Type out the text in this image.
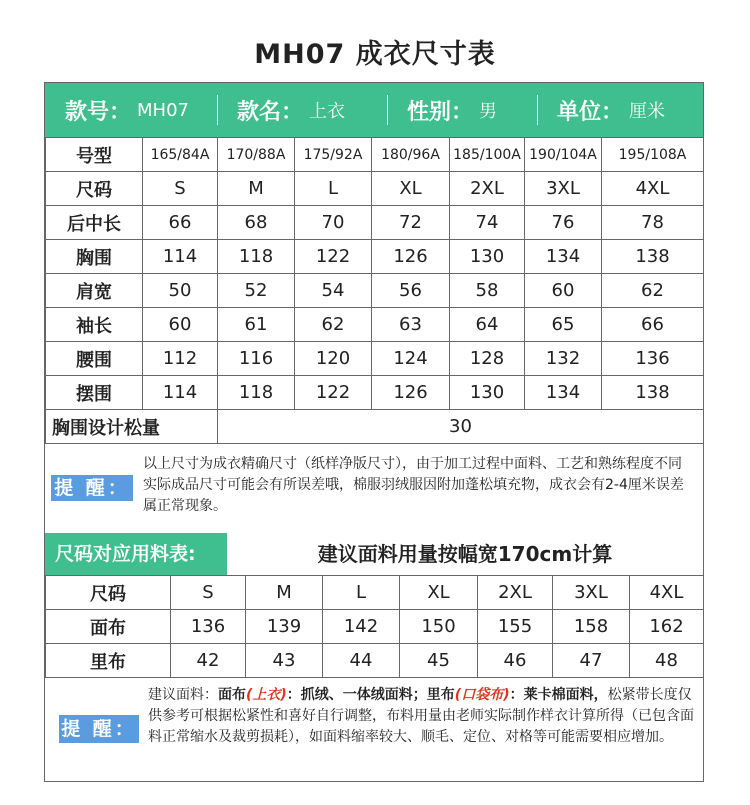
MH07 成衣尺寸表
款号： MH07 款名： 上衣	性别： 男	单位： 厘米
号型	165/84A	170/88A	175/92A	180/96A	185/100A	190/104A	195/108A
尺码	S	M	L	XL	2XL	3XL	4XL
后中长	66	68	70	72	74	76	78
胸围	114	118	122	126	130	134	138
肩宽	50	52	54	56	58	60	62
袖长	60	61	62	63	64	65	66
腰围	112	116	120	124	128	132	136
摆围	114	118	122	126	130	134	138
胸围设计松量		30					
提 醒：
以上尺寸为成衣精确尺寸（纸样净版尺寸），由于加工过程中面料、工艺和熟练程度不同实际成品尺寸可能会有所误差哦，棉服羽绒服因附加蓬松填充物，成衣会有2-4厘米误差属正常现象。
尺码对应用料表:	建议面料用量按幅宽170cm计算
尺码	S	M	L	XL	2XL	3XL	4XL
面布	136	139	142	150	155	158	162
里布	42	43	44	45	46	47	48
提 醒：
建议面料：面布(上衣)：抓绒、一体绒面料；里布(口袋布)：莱卡棉面料，松紧带长度仅供参考可根据松紧性和喜好自行调整，布料用量由老师实际制作样衣计算所得（已包含面料正常缩水及裁剪损耗），如面料缩率较大、顺毛、定位、对格等可能需要相应增加。
